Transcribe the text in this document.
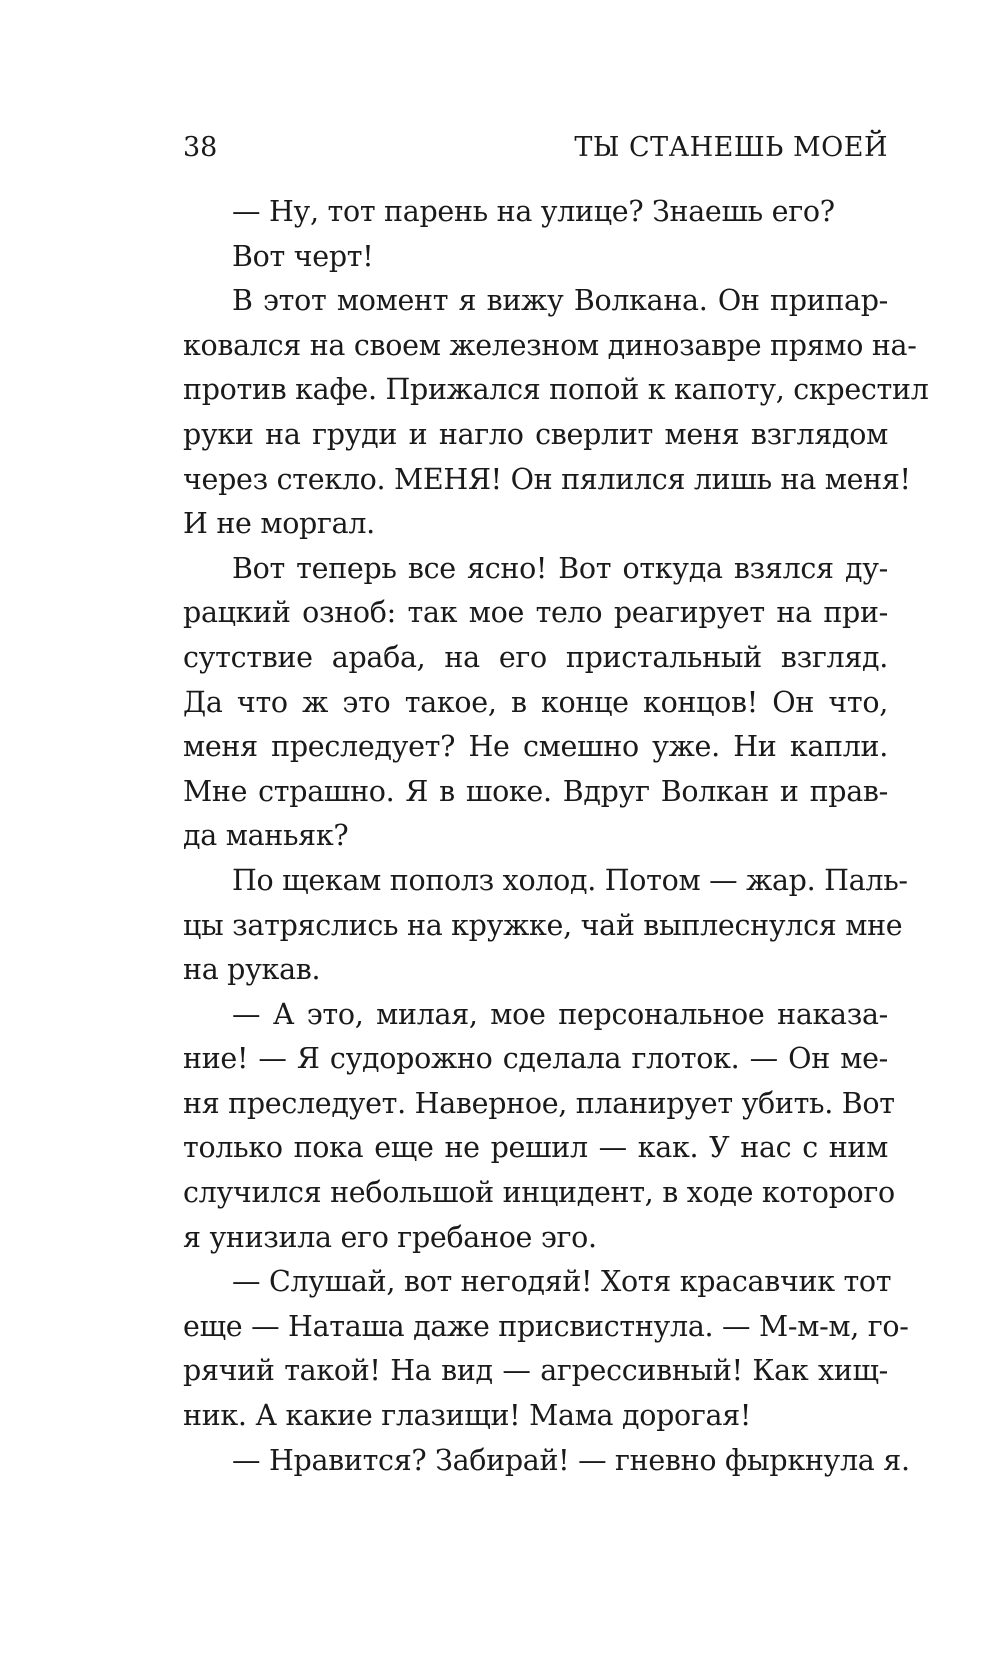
38	ТЫ СТАНЕШЬ МОЕЙ

— Ну, тот парень на улице? Знаешь его?

Вот черт!

В этот момент я вижу Волкана. Он припар-
ковался на своем железном динозавре прямо на-
против кафе. Прижался попой к капоту, скрестил
руки на груди и нагло сверлит меня взглядом
через стекло. МЕНЯ! Он пялился лишь на меня!
И не моргал.

Вот теперь все ясно! Вот откуда взялся ду-
рацкий озноб: так мое тело реагирует на при-
сутствие араба, на его пристальный взгляд.
Да что ж это такое, в конце концов! Он что,
меня преследует? Не смешно уже. Ни капли.
Мне страшно. Я в шоке. Вдруг Волкан и прав-
да маньяк?

По щекам пополз холод. Потом — жар. Паль-
цы затряслись на кружке, чай выплеснулся мне
на рукав.

— А это, милая, мое персональное наказа-
ние! — Я судорожно сделала глоток. — Он ме-
ня преследует. Наверное, планирует убить. Вот
только пока еще не решил — как. У нас с ним
случился небольшой инцидент, в ходе которого
я унизила его гребаное эго.

— Слушай, вот негодяй! Хотя красавчик тот
еще — Наташа даже присвистнула. — М-м-м, го-
рячий такой! На вид — агрессивный! Как хищ-
ник. А какие глазищи! Мама дорогая!

— Нравится? Забирай! — гневно фыркнула я.
